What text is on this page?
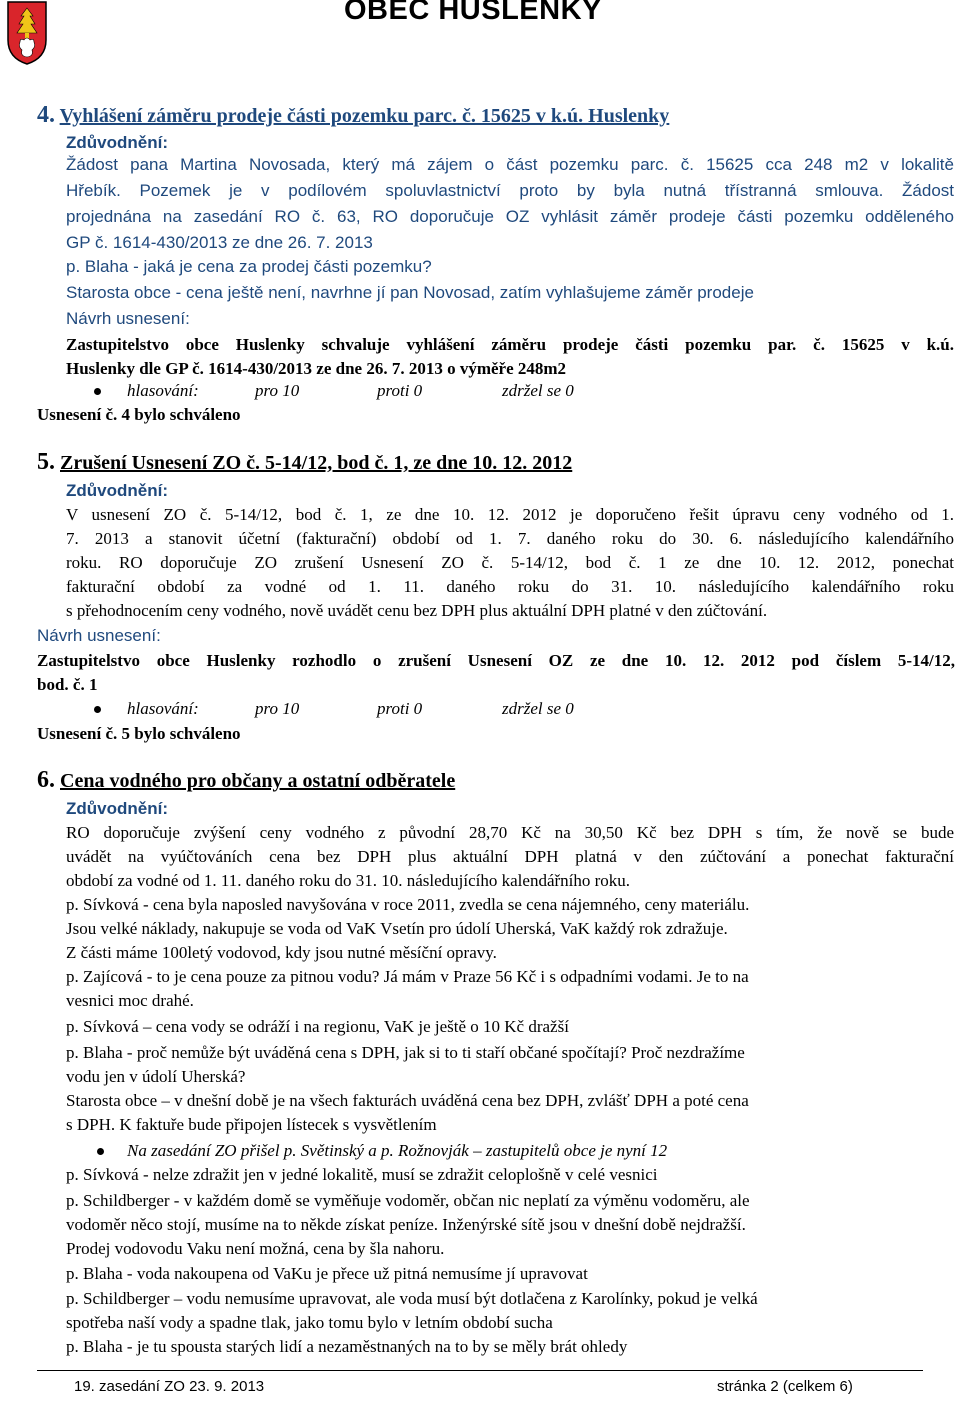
OBEC HUSLENKY
4. Vyhlášení záměru prodeje části pozemku parc. č. 15625 v k.ú. Huslenky
Zdůvodnění:
Žádost pana Martina Novosada, který má zájem o část pozemku parc. č. 15625 cca 248 m2 v lokalitě
Hřebík. Pozemek je v podílovém spoluvlastnictví proto by byla nutná třístranná smlouva. Žádost
projednána na zasedání RO č. 63, RO doporučuje OZ vyhlásit záměr prodeje části pozemku odděleného
GP č. 1614-430/2013 ze dne 26. 7. 2013
p. Blaha - jaká je cena za prodej části pozemku?
Starosta obce - cena ještě není, navrhne jí pan Novosad, zatím vyhlašujeme záměr prodeje
Návrh usnesení:
Zastupitelstvo obce Huslenky schvaluje vyhlášení záměru prodeje části pozemku par. č. 15625 v k.ú.
Huslenky dle GP č. 1614-430/2013 ze dne 26. 7. 2013 o výměře 248m2
hlasování:	pro 10	proti 0	zdržel se 0
Usnesení č. 4 bylo schváleno
5. Zrušení Usnesení ZO č. 5-14/12, bod č. 1, ze dne 10. 12. 2012
Zdůvodnění:
V usnesení ZO č. 5-14/12, bod č. 1, ze dne 10. 12. 2012 je doporučeno řešit úpravu ceny vodného od 1.
7. 2013 a stanovit účetní (fakturační) období od 1. 7. daného roku do 30. 6. následujícího kalendářního
roku. RO doporučuje ZO zrušení Usnesení ZO č. 5-14/12, bod č. 1 ze dne 10. 12. 2012, ponechat
fakturační období za vodné od 1. 11. daného roku do 31. 10. následujícího kalendářního roku
s přehodnocením ceny vodného, nově uvádět cenu bez DPH plus aktuální DPH platné v den zúčtování.
Návrh usnesení:
Zastupitelstvo obce Huslenky rozhodlo o zrušení Usnesení OZ ze dne 10. 12. 2012 pod číslem 5-14/12,
bod. č. 1
hlasování:	pro 10	proti 0	zdržel se 0
Usnesení č. 5 bylo schváleno
6. Cena vodného pro občany a ostatní odběratele
Zdůvodnění:
RO doporučuje zvýšení ceny vodného z původní 28,70 Kč na 30,50 Kč bez DPH s tím, že nově se bude
uvádět na vyúčtováních cena bez DPH plus aktuální DPH platná v den zúčtování a ponechat fakturační
období za vodné od 1. 11. daného roku do 31. 10. následujícího kalendářního roku.
p. Sívková - cena byla naposled navyšována v roce 2011, zvedla se cena nájemného, ceny materiálu.
Jsou velké náklady, nakupuje se voda od VaK Vsetín pro údolí Uherská, VaK každý rok zdražuje.
Z části máme 100letý vodovod, kdy jsou nutné měsíční opravy.
p. Zajícová - to je cena pouze za pitnou vodu? Já mám v Praze 56 Kč i s odpadními vodami. Je to na
vesnici moc drahé.
p. Sívková – cena vody se odráží i na regionu, VaK je ještě o 10 Kč dražší
p. Blaha - proč nemůže být uváděná cena s DPH, jak si to ti staří občané spočítají? Proč nezdražíme
vodu jen v údolí Uherská?
Starosta obce – v dnešní době je na všech fakturách uváděná cena bez DPH, zvlášť DPH a poté cena
s DPH. K faktuře bude připojen lístecek s vysvětlením
Na zasedání ZO přišel p. Světinský a p. Rožnovják – zastupitelů obce je nyní 12
p. Sívková - nelze zdražit jen v jedné lokalitě, musí se zdražit celoplošně v celé vesnici
p. Schildberger - v každém domě se vyměňuje vodoměr, občan nic neplatí za výměnu vodoměru, ale
vodoměr něco stojí, musíme na to někde získat peníze. Inženýrské sítě jsou v dnešní době nejdražší.
Prodej vodovodu Vaku není možná, cena by šla nahoru.
p. Blaha - voda nakoupena od VaKu je přece už pitná nemusíme jí upravovat
p. Schildberger – vodu nemusíme upravovat, ale voda musí být dotlačena z Karolínky, pokud je velká
spotřeba naší vody a spadne tlak, jako tomu bylo v letním období sucha
p. Blaha - je tu spousta starých lidí a nezaměstnaných na to by se měly brát ohledy
19. zasedání ZO 23. 9. 2013	stránka 2 (celkem 6)
